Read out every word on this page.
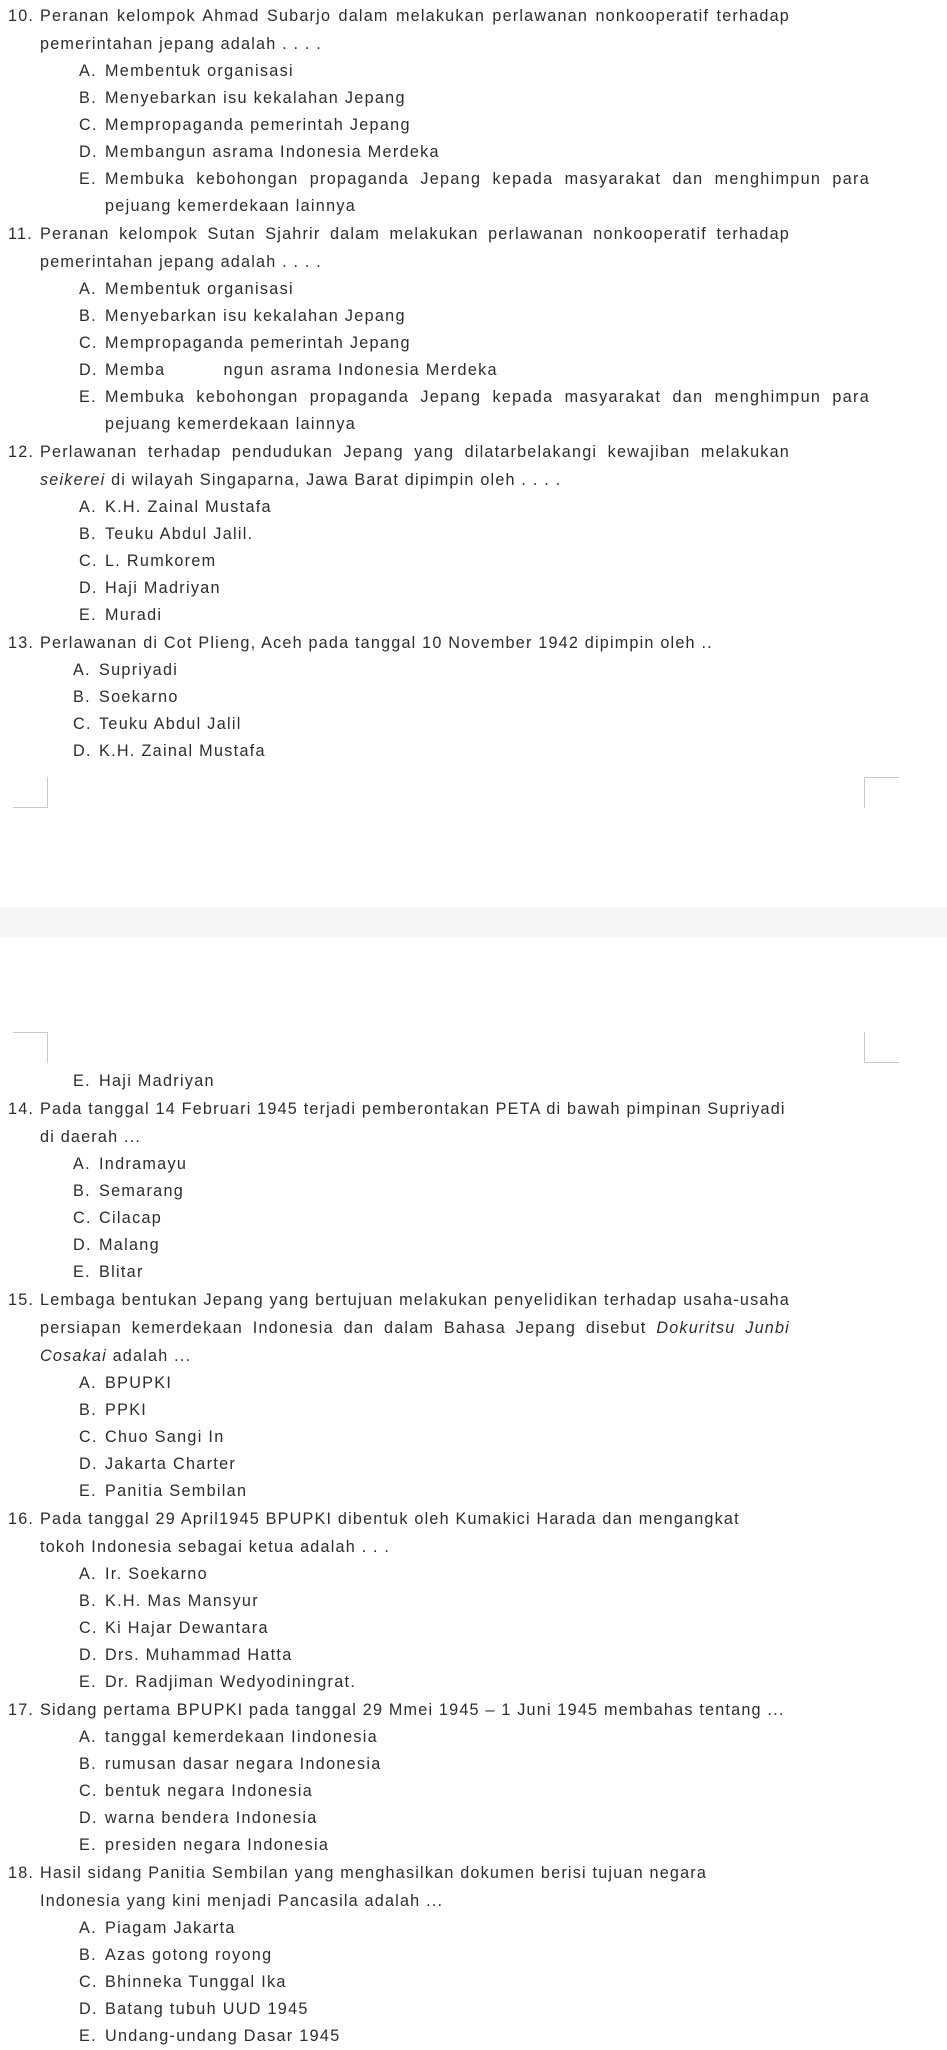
10. Peranan kelompok Ahmad Subarjo dalam melakukan perlawanan nonkooperatif terhadap pemerintahan jepang adalah . . . .
A. Membentuk organisasi
B. Menyebarkan isu kekalahan Jepang
C. Mempropaganda pemerintah Jepang
D. Membangun asrama Indonesia Merdeka
E. Membuka kebohongan propaganda Jepang kepada masyarakat dan menghimpun para pejuang kemerdekaan lainnya
11. Peranan kelompok Sutan Sjahrir dalam melakukan perlawanan nonkooperatif terhadap pemerintahan jepang adalah . . . .
A. Membentuk organisasi
B. Menyebarkan isu kekalahan Jepang
C. Mempropaganda pemerintah Jepang
D. Memba          ngun asrama Indonesia Merdeka
E. Membuka kebohongan propaganda Jepang kepada masyarakat dan menghimpun para pejuang kemerdekaan lainnya
12. Perlawanan terhadap pendudukan Jepang yang dilatarbelakangi kewajiban melakukan seikerei di wilayah Singaparna, Jawa Barat dipimpin oleh . . . .
A. K.H. Zainal Mustafa
B. Teuku Abdul Jalil.
C. L. Rumkorem
D. Haji Madriyan
E. Muradi
13. Perlawanan di Cot Plieng, Aceh pada tanggal 10 November 1942 dipimpin oleh ..
A. Supriyadi
B. Soekarno
C. Teuku Abdul Jalil
D. K.H. Zainal Mustafa
E. Haji Madriyan
14. Pada tanggal 14 Februari 1945 terjadi pemberontakan PETA di bawah pimpinan Supriyadi di daerah ...
A. Indramayu
B. Semarang
C. Cilacap
D. Malang
E. Blitar
15. Lembaga bentukan Jepang yang bertujuan melakukan penyelidikan terhadap usaha-usaha persiapan kemerdekaan Indonesia dan dalam Bahasa Jepang disebut Dokuritsu Junbi Cosakai adalah ...
A. BPUPKI
B. PPKI
C. Chuo Sangi In
D. Jakarta Charter
E. Panitia Sembilan
16. Pada tanggal 29 April1945 BPUPKI dibentuk oleh Kumakici Harada dan mengangkat tokoh Indonesia sebagai ketua adalah . . .
A. Ir. Soekarno
B. K.H. Mas Mansyur
C. Ki Hajar Dewantara
D. Drs. Muhammad Hatta
E. Dr. Radjiman Wedyodiningrat.
17. Sidang pertama BPUPKI pada tanggal 29 Mmei 1945 – 1 Juni 1945 membahas tentang ...
A. tanggal kemerdekaan Iindonesia
B. rumusan dasar negara Indonesia
C. bentuk negara Indonesia
D. warna bendera Indonesia
E. presiden negara Indonesia
18. Hasil sidang Panitia Sembilan yang menghasilkan dokumen berisi tujuan negara Indonesia yang kini menjadi Pancasila adalah ...
A. Piagam Jakarta
B. Azas gotong royong
C. Bhinneka Tunggal Ika
D. Batang tubuh UUD 1945
E. Undang-undang Dasar 1945
